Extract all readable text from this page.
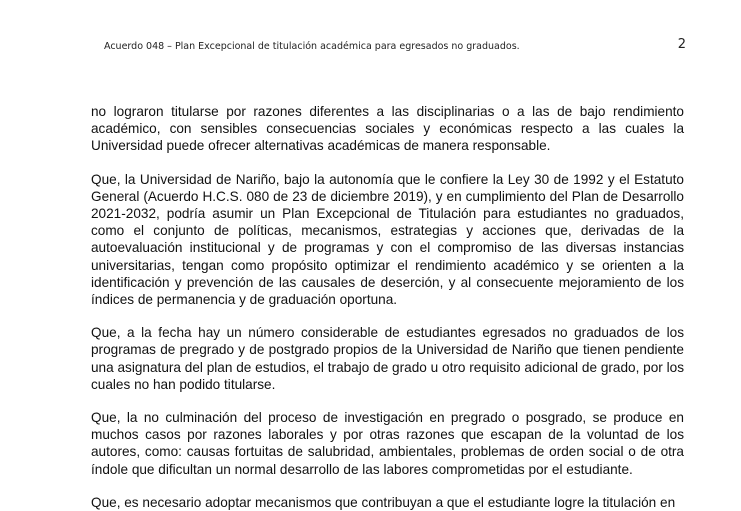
Acuerdo 048 – Plan Excepcional de titulación académica para egresados no graduados.	2

no lograron titularse por razones diferentes a las disciplinarias o a las de bajo rendimiento académico, con sensibles consecuencias sociales y económicas respecto a las cuales la Universidad puede ofrecer alternativas académicas de manera responsable.

Que, la Universidad de Nariño, bajo la autonomía que le confiere la Ley 30 de 1992 y el Estatuto General (Acuerdo H.C.S. 080 de 23 de diciembre 2019), y en cumplimiento del Plan de Desarrollo 2021-2032, podría asumir un Plan Excepcional de Titulación para estudiantes no graduados, como el conjunto de políticas, mecanismos, estrategias y acciones que, derivadas de la autoevaluación institucional y de programas y con el compromiso de las diversas instancias universitarias, tengan como propósito optimizar el rendimiento académico y se orienten a la identificación y prevención de las causales de deserción, y al consecuente mejoramiento de los índices de permanencia y de graduación oportuna.

Que, a la fecha hay un número considerable de estudiantes egresados no graduados de los programas de pregrado y de postgrado propios de la Universidad de Nariño que tienen pendiente una asignatura del plan de estudios, el trabajo de grado u otro requisito adicional de grado, por los cuales no han podido titularse.

Que, la no culminación del proceso de investigación en pregrado o posgrado, se produce en muchos casos por razones laborales y por otras razones que escapan de la voluntad de los autores, como: causas fortuitas de salubridad, ambientales, problemas de orden social o de otra índole que dificultan un normal desarrollo de las labores comprometidas por el estudiante.

Que, es necesario adoptar mecanismos que contribuyan a que el estudiante logre la titulación en
